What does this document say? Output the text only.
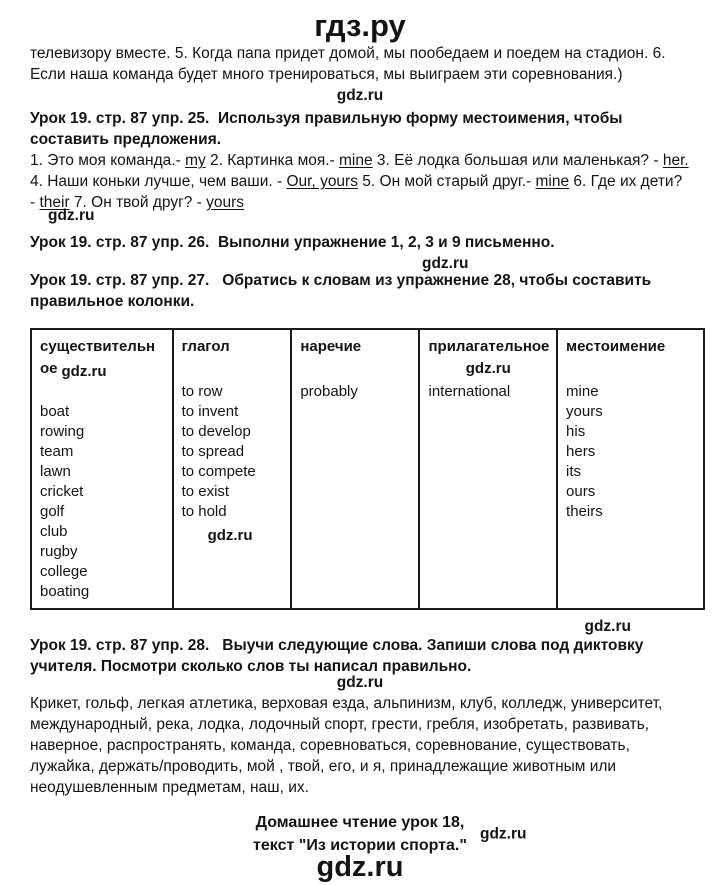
гдз.ру

телевизору вместе. 5. Когда папа придет домой, мы пообедаем и поедем на стадион. 6. Если наша команда будет много тренироваться, мы выиграем эти соревнования.)

gdz.ru

Урок 19. стр. 87 упр. 25.  Используя правильную форму местоимения, чтобы составить предложения.

1. Это моя команда.- my 2. Картинка моя.- mine 3. Её лодка большая или маленькая? - her. 4. Наши коньки лучше, чем ваши. - Our, yours 5. Он мой старый друг.- mine 6. Где их дети? - their 7. Он твой друг? - yours

gdz.ru

Урок 19. стр. 87 упр. 26.  Выполни упражнение 1, 2, 3 и 9 письменно.

gdz.ru

Урок 19. стр. 87 упр. 27.   Обратись к словам из упражнение 28, чтобы составить правильное колонки.

существительное gdz.ru
boat
rowing
team
lawn
cricket
golf
club
rugby
college
boating
глагол
to row
to invent
to develop
to spread
to compete
to exist
to hold
gdz.ru
наречие
probably
прилагательное
gdz.ru
international
местоимение
mine
yours
his
hers
its
ours
theirs
gdz.ru

Урок 19. стр. 87 упр. 28.   Выучи следующие слова. Запиши слова под диктовку учителя. Посмотри сколько слов ты написал правильно.

gdz.ru

Крикет, гольф, легкая атлетика, верховая езда, альпинизм, клуб, колледж, университет, международный, река, лодка, лодочный спорт, грести, гребля, изобретать, развивать, наверное, распространять, команда, соревноваться, соревнование, существовать, лужайка, держать/проводить, мой , твой, его, и я, принадлежащие животным или неодушевленным предметам, наш, их.

Домашнее чтение урок 18,
текст "Из истории спорта."

gdz.ru
gdz.ru
